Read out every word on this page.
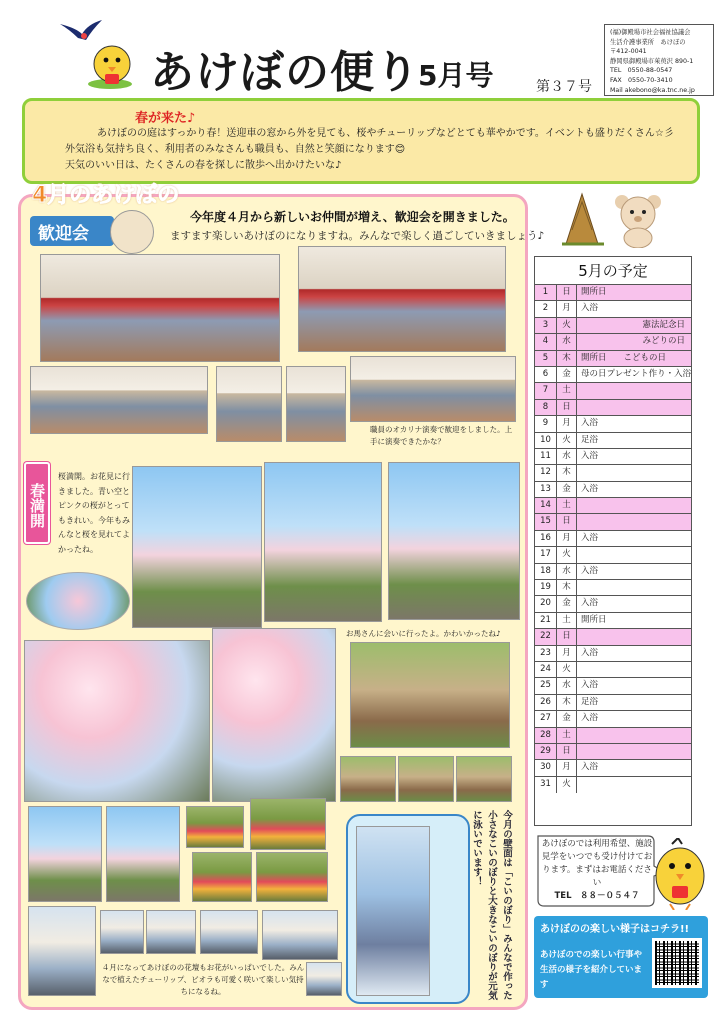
あけぼの便り
5月号	第３７号
(福)御殿場市社会福祉協議会
生活介護事業所　あけぼの
〒412-0041
静岡県御殿場市茱萸沢 890-1
TEL　0550-88-0547
FAX　0550-70-3410
Mail akebono@ka.tnc.ne.jp
春が来た♪

あけぼのの庭はすっかり春！送迎車の窓から外を見ても、桜やチューリップなどとても華やかです。イベントも盛りだくさん☆彡

外気浴も気持ち良く、利用者のみなさんも職員も、自然と笑顔になります😊

天気のいい日は、たくさんの春を探しに散歩へ出かけたいな♪

4月のあけぼの
歓迎会
今年度４月から新しいお仲間が増え、歓迎会を開きました。
ますます楽しいあけぼのになりますね。みんなで楽しく過ごしていきましょう♪
職員のオカリナ演奏で歓迎をしました。上手に演奏できたかな？
春満開
桜満開。お花見に行きました。青い空とピンクの桜がとってもきれい。今年もみんなと桜を見れてよかったね。
お馬さんに会いに行ったよ。かわいかったね♪
４月になってあけぼのの花壇もお花がいっぱいでした。みんなで植えたチューリップ、ビオラも可愛く咲いて楽しい気持ちになるね。	今月の壁面は「こいのぼり」みんなで作った小さなこいのぼりと大きなこいのぼりが元気に泳いでいます！
5月の予定
1	日	開所日
2	月	入浴
3	火	憲法記念日
4	水	みどりの日
5	木	開所日　　こどもの日
6	金	母の日プレゼント作り・入浴
7	土
8	日
9	月	入浴
10	火	足浴
11	水	入浴
12	木
13	金	入浴
14	土
15	日
16	月	入浴
17	火
18	水	入浴
19	木
20	金	入浴
21	土	開所日
22	日
23	月	入浴
24	火
25	水	入浴
26	木	足浴
27	金	入浴
28	土
29	日
30	月	入浴
31	火
あけぼのでは利用希望、施設見学をいつでも受け付けております。まずはお電話ください
TEL　８８－０５４７
あけぼのの楽しい様子はコチラ!!
あけぼのでの楽しい行事や生活の様子を紹介しています
